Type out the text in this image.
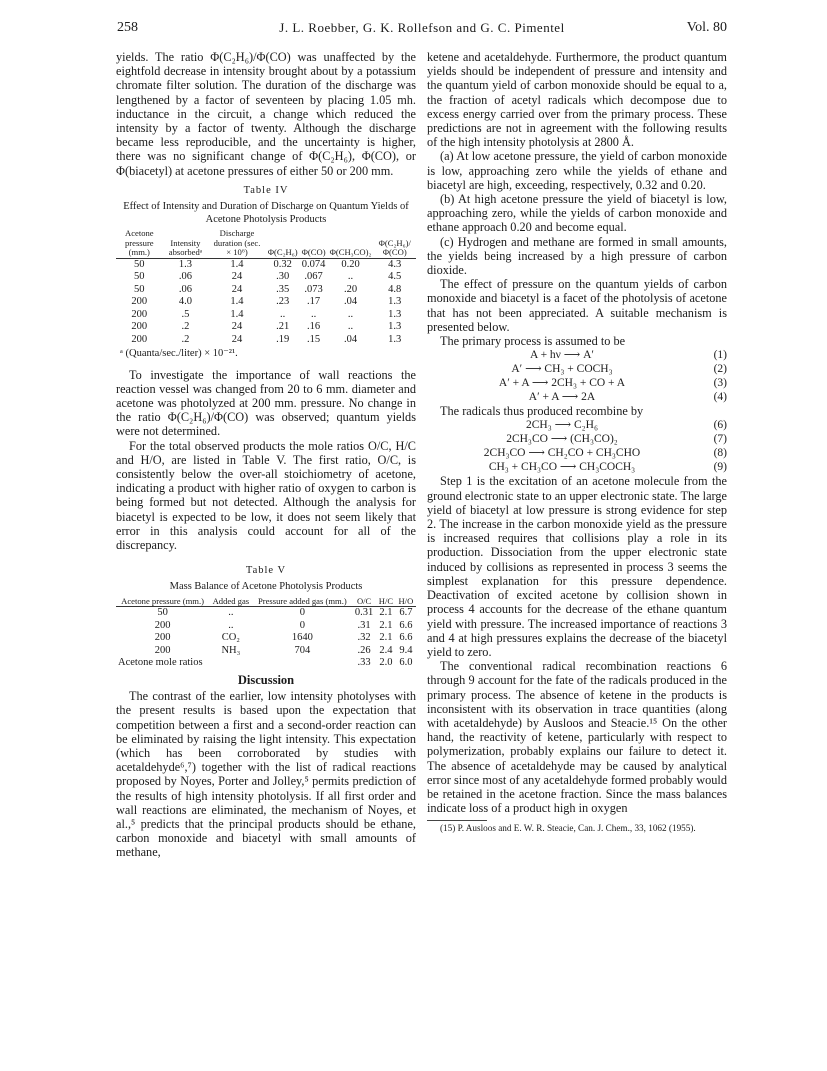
258	J. L. Roebber, G. K. Rollefson and G. C. Pimentel	Vol. 80

yields. The ratio Φ(C₂H₆)/Φ(CO) was unaffected by the eightfold decrease in intensity brought about by a potassium chromate filter solution. The duration of the discharge was lengthened by a factor of seventeen by placing 1.05 mh. inductance in the circuit, a change which reduced the intensity by a factor of twenty. Although the discharge became less reproducible, and the uncertainty is higher, there was no significant change of Φ(C₂H₆), Φ(CO), or Φ(biacetyl) at acetone pressures of either 50 or 200 mm.

Table IV
Effect of Intensity and Duration of Discharge on Quantum Yields of Acetone Photolysis Products
Acetone pressure (mm.)	Intensity absorbedᵃ	Discharge duration (sec. × 10⁶)	Φ(C₂H₆)	Φ(CO)	Φ(CH₃CO)₂	Φ(C₂H₆)/Φ(CO)
50	1.3	1.4	0.32	0.074	0.20	4.3
50	.06	24	.30	.067	..	4.5
50	.06	24	.35	.073	.20	4.8
200	4.0	1.4	.23	.17	.04	1.3
200	.5	1.4	..	..	..	1.3
200	.2	24	.21	.16	..	1.3
200	.2	24	.19	.15	.04	1.3
ᵃ (Quanta/sec./liter) × 10⁻²¹.

To investigate the importance of wall reactions the reaction vessel was changed from 20 to 6 mm. diameter and acetone was photolyzed at 200 mm. pressure. No change in the ratio Φ(C₂H₆)/Φ(CO) was observed; quantum yields were not determined.

For the total observed products the mole ratios O/C, H/C and H/O, are listed in Table V. The first ratio, O/C, is consistently below the over-all stoichiometry of acetone, indicating a product with higher ratio of oxygen to carbon is being formed but not detected. Although the analysis for biacetyl is expected to be low, it does not seem likely that error in this analysis could account for all of the discrepancy.

Table V
Mass Balance of Acetone Photolysis Products
Acetone pressure (mm.)	Added gas	Pressure added gas (mm.)	O/C	H/C	H/O
50	..	0	0.31	2.1	6.7
200	..	0	.31	2.1	6.6
200	CO₂	1640	.32	2.1	6.6
200	NH₃	704	.26	2.4	9.4
Acetone mole ratios			.33	2.0	6.0
Discussion

The contrast of the earlier, low intensity photolyses with the present results is based upon the expectation that competition between a first and a second-order reaction can be eliminated by raising the light intensity. This expectation (which has been corroborated by studies with acetaldehyde⁶,⁷) together with the list of radical reactions proposed by Noyes, Porter and Jolley,⁵ permits prediction of the results of high intensity photolysis. If all first order and wall reactions are eliminated, the mechanism of Noyes, et al.,⁵ predicts that the principal products should be ethane, carbon monoxide and biacetyl with small amounts of methane,

ketene and acetaldehyde. Furthermore, the product quantum yields should be independent of pressure and intensity and the quantum yield of carbon monoxide should be equal to a, the fraction of acetyl radicals which decompose due to excess energy carried over from the primary process. These predictions are not in agreement with the following results of the high intensity photolysis at 2800 Å.

(a) At low acetone pressure, the yield of carbon monoxide is low, approaching zero while the yields of ethane and biacetyl are high, exceeding, respectively, 0.32 and 0.20.

(b) At high acetone pressure the yield of biacetyl is low, approaching zero, while the yields of carbon monoxide and ethane approach 0.20 and become equal.

(c) Hydrogen and methane are formed in small amounts, the yields being increased by a high pressure of carbon dioxide.

The effect of pressure on the quantum yields of carbon monoxide and biacetyl is a facet of the photolysis of acetone that has not been appreciated. A suitable mechanism is presented below.

The primary process is assumed to be

A + hν ⟶ A′	(1)
A′ ⟶ CH₃ + COCH₃	(2)
A′ + A ⟶ 2CH₃ + CO + A	(3)
A′ + A ⟶ 2A	(4)

The radicals thus produced recombine by

2CH₃ ⟶ C₂H₆	(6)
2CH₃CO ⟶ (CH₃CO)₂	(7)
2CH₃CO ⟶ CH₂CO + CH₃CHO	(8)
CH₃ + CH₃CO ⟶ CH₃COCH₃	(9)

Step 1 is the excitation of an acetone molecule from the ground electronic state to an upper electronic state. The large yield of biacetyl at low pressure is strong evidence for step 2. The increase in the carbon monoxide yield as the pressure is increased requires that collisions play a role in its production. Dissociation from the upper electronic state induced by collisions as represented in process 3 seems the simplest explanation for this pressure dependence. Deactivation of excited acetone by collision shown in process 4 accounts for the decrease of the ethane quantum yield with pressure. The increased importance of reactions 3 and 4 at high pressures explains the decrease of the biacetyl yield to zero.

The conventional radical recombination reactions 6 through 9 account for the fate of the radicals produced in the primary process. The absence of ketene in the products is inconsistent with its observation in trace quantities (along with acetaldehyde) by Ausloos and Steacie.¹⁵ On the other hand, the reactivity of ketene, particularly with respect to polymerization, probably explains our failure to detect it. The absence of acetaldehyde may be caused by analytical error since most of any acetaldehyde formed probably would be retained in the acetone fraction. Since the mass balances indicate loss of a product high in oxygen

(15) P. Ausloos and E. W. R. Steacie, Can. J. Chem., 33, 1062 (1955).
